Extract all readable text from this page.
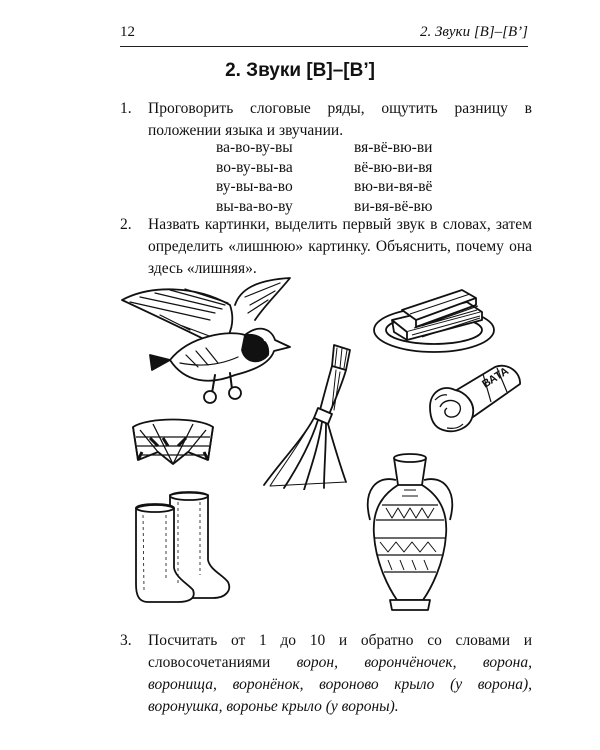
12	2. Звуки [В]–[В’]
2. Звуки [В]–[В’]
1. Проговорить слоговые ряды, ощутить разницу в положении языка и звучании.
ва-во-ву-вы	вя-вё-вю-ви
во-ву-вы-ва	вё-вю-ви-вя
ву-вы-ва-во	вю-ви-вя-вё
вы-ва-во-ву	ви-вя-вё-вю
2. Назвать картинки, выделить первый звук в словах, затем определить «лишнюю» картинку. Объяснить, почему она здесь «лишняя».
ВАТА
3. Посчитать от 1 до 10 и обратно со словами и словосочетаниями ворон, ворончёночек, ворона, воронища, воронёнок, вороново крыло (у ворона), воронушка, воронье крыло (у вороны).
